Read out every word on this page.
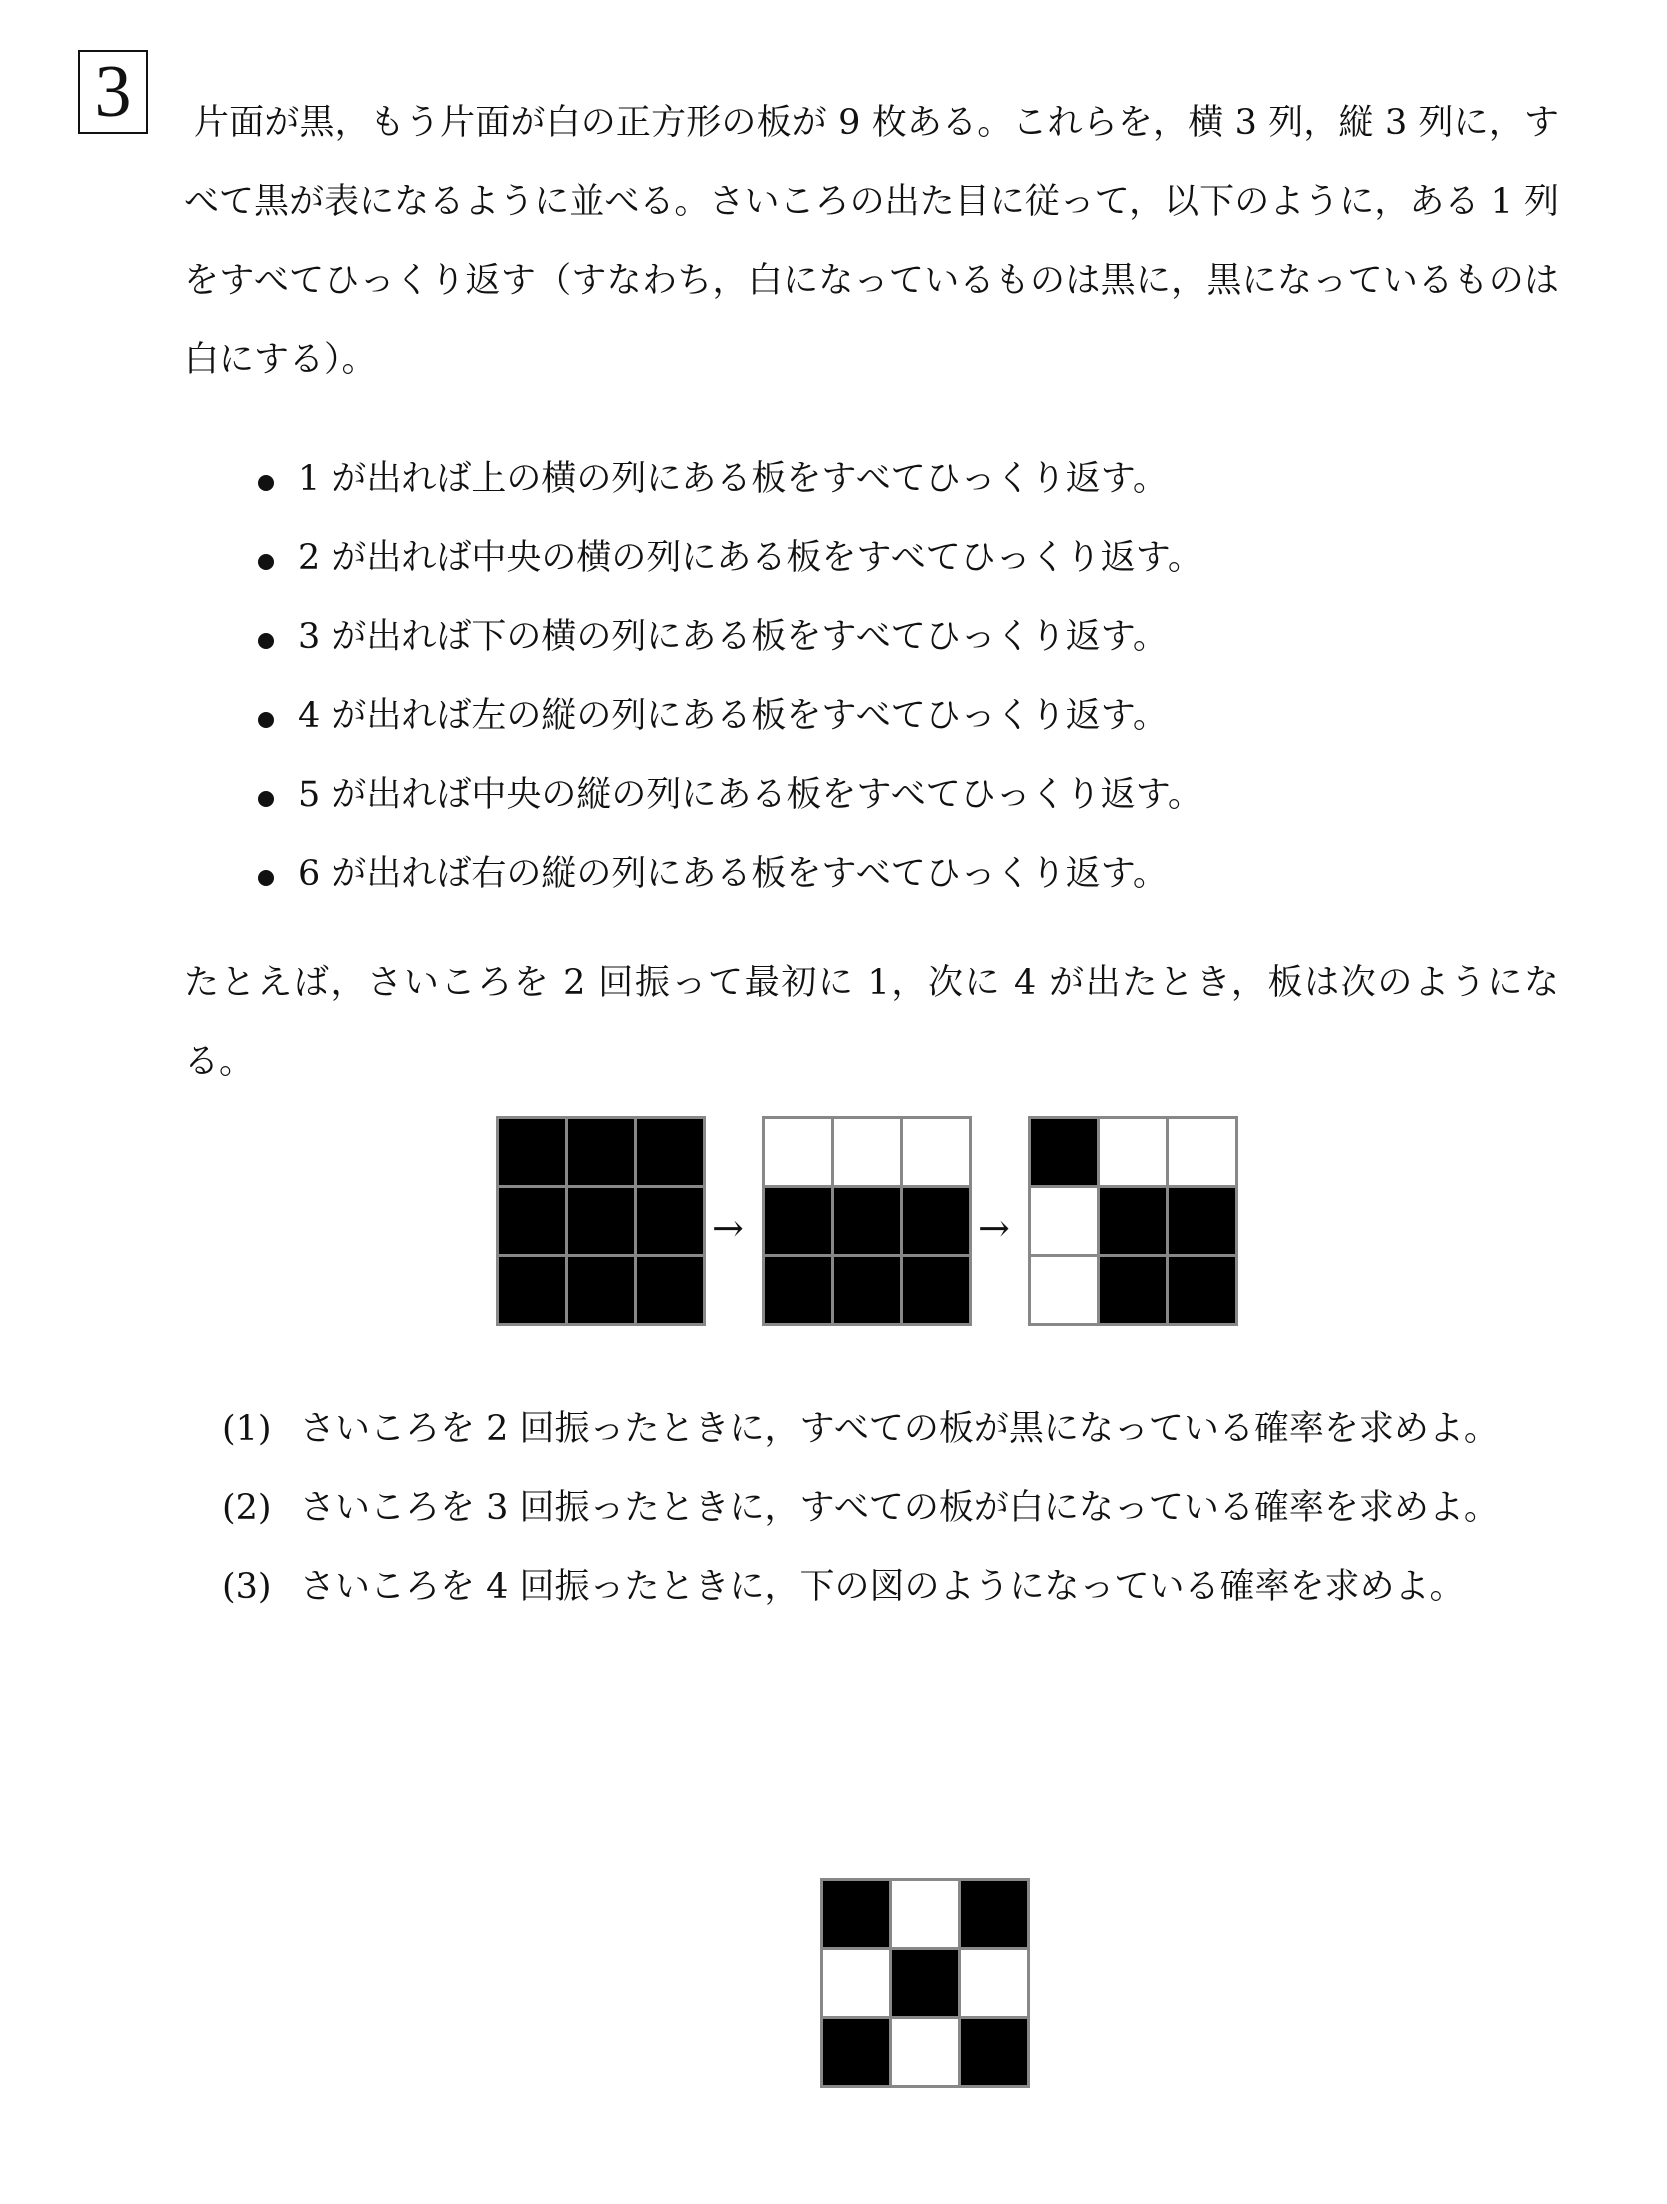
3	片面が黒，もう片面が白の正方形の板が 9 枚ある。これらを，横 3 列，縦 3 列に，すべて黒が表になるように並べる。さいころの出た目に従って，以下のように，ある 1 列をすべてひっくり返す（すなわち，白になっているものは黒に，黒になっているものは白にする）。
1 が出れば上の横の列にある板をすべてひっくり返す。
2 が出れば中央の横の列にある板をすべてひっくり返す。
3 が出れば下の横の列にある板をすべてひっくり返す。
4 が出れば左の縦の列にある板をすべてひっくり返す。
5 が出れば中央の縦の列にある板をすべてひっくり返す。
6 が出れば右の縦の列にある板をすべてひっくり返す。
たとえば，さいころを 2 回振って最初に 1，次に 4 が出たとき，板は次のようになる。
→	→
(1) さいころを 2 回振ったときに，すべての板が黒になっている確率を求めよ。
(2) さいころを 3 回振ったときに，すべての板が白になっている確率を求めよ。
(3) さいころを 4 回振ったときに，下の図のようになっている確率を求めよ。
